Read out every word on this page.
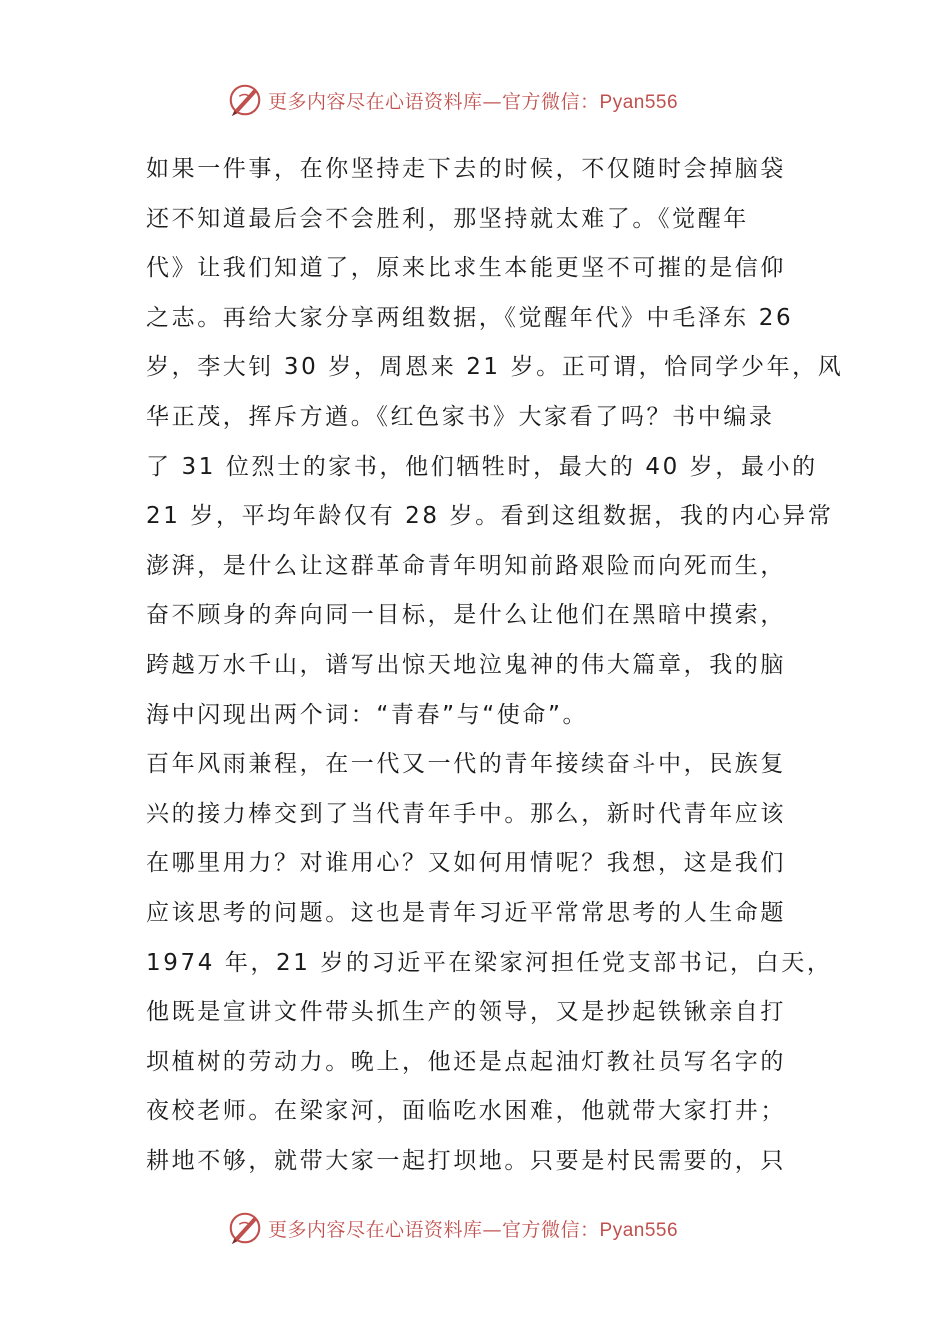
更多内容尽在心语资料库—官方微信：Pyan556
如果一件事，在你坚持走下去的时候，不仅随时会掉脑袋
还不知道最后会不会胜利，那坚持就太难了。《觉醒年
代》让我们知道了，原来比求生本能更坚不可摧的是信仰
之志。再给大家分享两组数据，《觉醒年代》中毛泽东 26
岁，李大钊 30 岁，周恩来 21 岁。正可谓，恰同学少年，风
华正茂，挥斥方遒。《红色家书》大家看了吗？书中编录
了 31 位烈士的家书，他们牺牲时，最大的 40 岁，最小的
21 岁，平均年龄仅有 28 岁。看到这组数据，我的内心异常
澎湃，是什么让这群革命青年明知前路艰险而向死而生，
奋不顾身的奔向同一目标，是什么让他们在黑暗中摸索，
跨越万水千山，谱写出惊天地泣鬼神的伟大篇章，我的脑
海中闪现出两个词：“青春”与“使命”。
百年风雨兼程，在一代又一代的青年接续奋斗中，民族复
兴的接力棒交到了当代青年手中。那么，新时代青年应该
在哪里用力？对谁用心？又如何用情呢？我想，这是我们
应该思考的问题。这也是青年习近平常常思考的人生命题
1974 年，21 岁的习近平在梁家河担任党支部书记，白天，
他既是宣讲文件带头抓生产的领导，又是抄起铁锹亲自打
坝植树的劳动力。晚上，他还是点起油灯教社员写名字的
夜校老师。在梁家河，面临吃水困难，他就带大家打井；
耕地不够，就带大家一起打坝地。只要是村民需要的，只
更多内容尽在心语资料库—官方微信：Pyan556
